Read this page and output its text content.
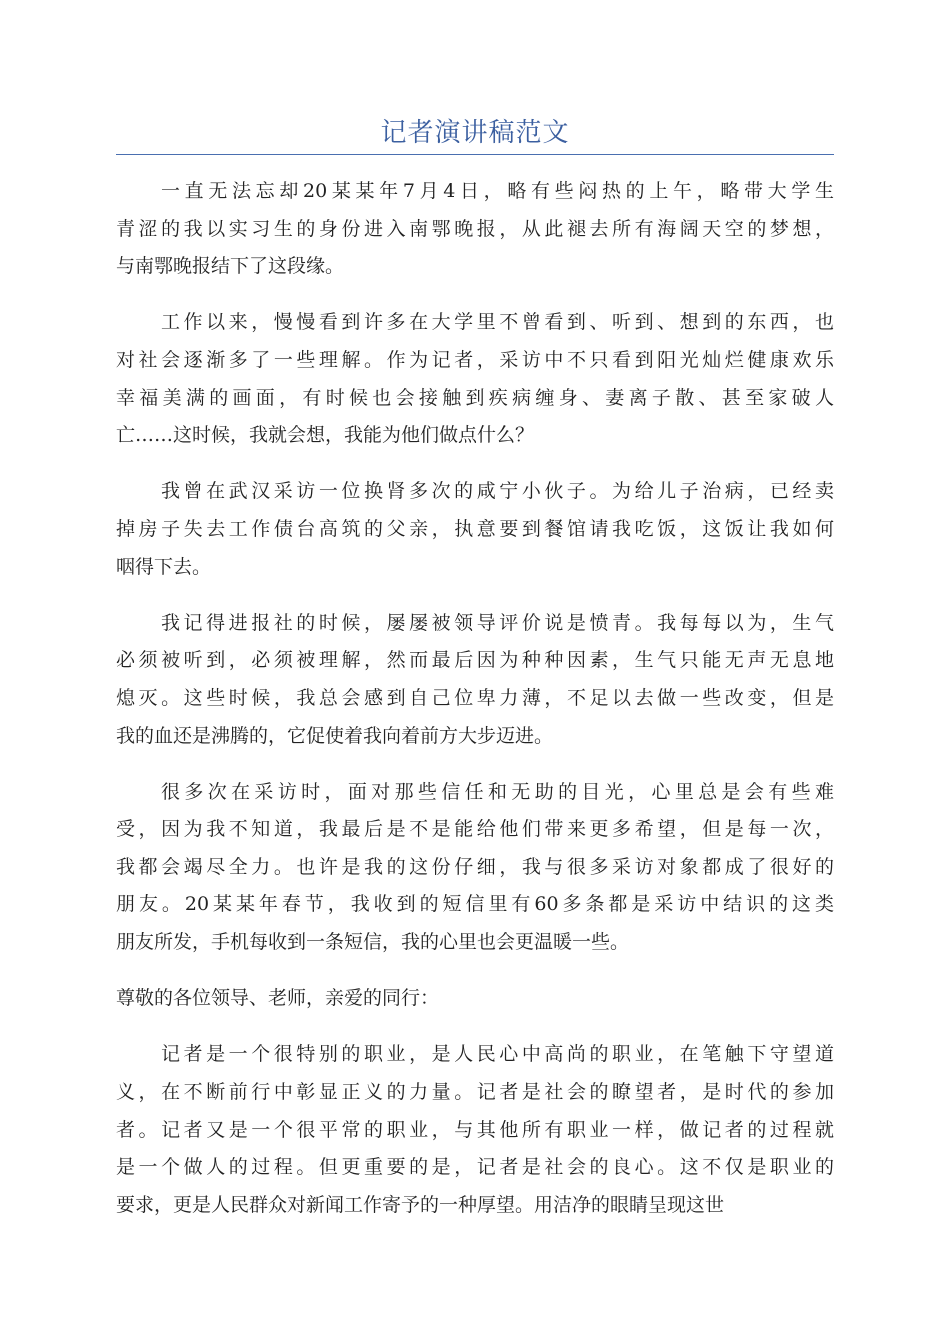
记者演讲稿范文
一直无法忘却20某某年7月4日，略有些闷热的上午，略带大学生
青涩的我以实习生的身份进入南鄂晚报，从此褪去所有海阔天空的梦想，
与南鄂晚报结下了这段缘。
工作以来，慢慢看到许多在大学里不曾看到、听到、想到的东西，也
对社会逐渐多了一些理解。作为记者，采访中不只看到阳光灿烂健康欢乐
幸福美满的画面，有时候也会接触到疾病缠身、妻离子散、甚至家破人
亡……这时候，我就会想，我能为他们做点什么？
我曾在武汉采访一位换肾多次的咸宁小伙子。为给儿子治病，已经卖
掉房子失去工作债台高筑的父亲，执意要到餐馆请我吃饭，这饭让我如何
咽得下去。
我记得进报社的时候，屡屡被领导评价说是愤青。我每每以为，生气
必须被听到，必须被理解，然而最后因为种种因素，生气只能无声无息地
熄灭。这些时候，我总会感到自己位卑力薄，不足以去做一些改变，但是
我的血还是沸腾的，它促使着我向着前方大步迈进。
很多次在采访时，面对那些信任和无助的目光，心里总是会有些难
受，因为我不知道，我最后是不是能给他们带来更多希望，但是每一次，
我都会竭尽全力。也许是我的这份仔细，我与很多采访对象都成了很好的
朋友。20某某年春节，我收到的短信里有60多条都是采访中结识的这类
朋友所发，手机每收到一条短信，我的心里也会更温暖一些。
尊敬的各位领导、老师，亲爱的同行：
记者是一个很特别的职业，是人民心中高尚的职业，在笔触下守望道
义，在不断前行中彰显正义的力量。记者是社会的瞭望者，是时代的参加
者。记者又是一个很平常的职业，与其他所有职业一样，做记者的过程就
是一个做人的过程。但更重要的是，记者是社会的良心。这不仅是职业的
要求，更是人民群众对新闻工作寄予的一种厚望。用洁净的眼睛呈现这世
